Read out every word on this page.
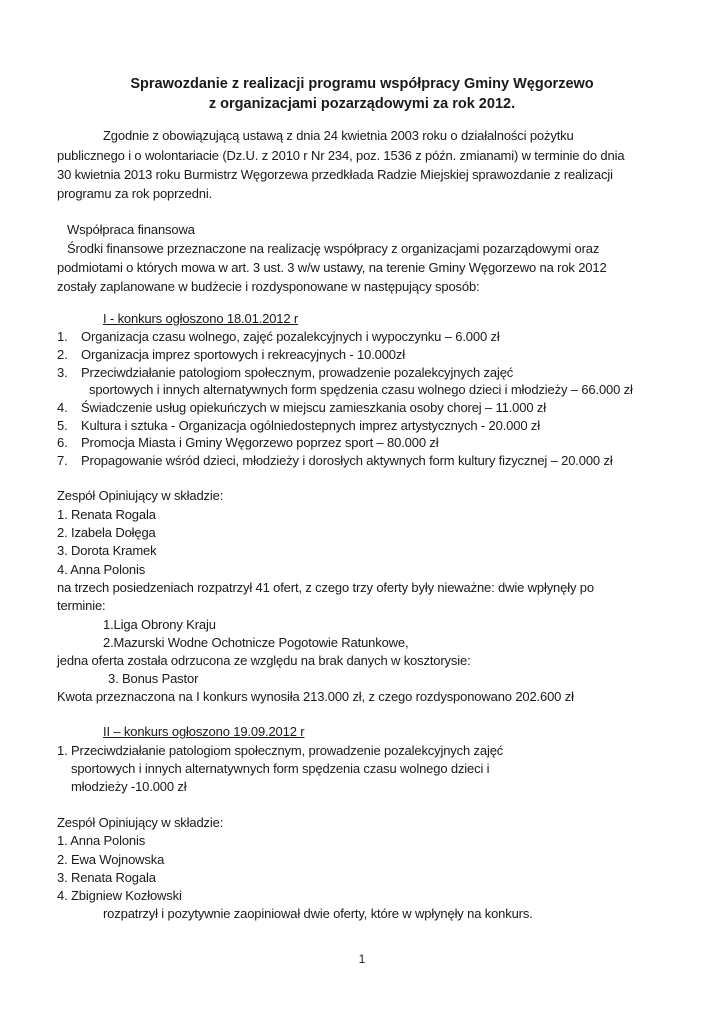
Sprawozdanie z realizacji programu współpracy Gminy Węgorzewo
z organizacjami pozarządowymi za rok 2012.
Zgodnie z obowiązującą ustawą z dnia 24 kwietnia 2003 roku o działalności pożytku
publicznego i o wolontariacie (Dz.U. z 2010 r Nr 234, poz. 1536 z późn. zmianami) w terminie do dnia
30 kwietnia 2013 roku Burmistrz Węgorzewa przedkłada Radzie Miejskiej sprawozdanie z realizacji
programu za rok poprzedni.
Współpraca finansowa
Środki finansowe przeznaczone na realizację współpracy z organizacjami pozarządowymi oraz
podmiotami o których mowa w art. 3 ust. 3 w/w ustawy, na terenie Gminy Węgorzewo na rok 2012
zostały zaplanowane w budżecie i rozdysponowane w następujący sposób:
I - konkurs ogłoszono 18.01.2012 r
1. Organizacja czasu wolnego, zajęć pozalekcyjnych i wypoczynku – 6.000 zł
2. Organizacja imprez sportowych i rekreacyjnych - 10.000zł
3. Przeciwdziałanie patologiom społecznym, prowadzenie pozalekcyjnych zajęć
sportowych i innych alternatywnych form spędzenia czasu wolnego dzieci i młodzieży – 66.000 zł
4. Świadczenie usług opiekuńczych w miejscu zamieszkania osoby chorej – 11.000 zł
5. Kultura i sztuka - Organizacja ogólniedostepnych imprez artystycznych - 20.000 zł
6. Promocja Miasta i Gminy Węgorzewo poprzez sport – 80.000 zł
7. Propagowanie wśród dzieci, młodzieży i dorosłych aktywnych form kultury fizycznej – 20.000 zł
Zespół Opiniujący w składzie:
1. Renata Rogala
2. Izabela Dołęga
3. Dorota Kramek
4. Anna Polonis
na trzech posiedzeniach rozpatrzył 41 ofert, z czego trzy oferty były nieważne: dwie wpłynęły po
terminie:
1.Liga Obrony Kraju
2.Mazurski Wodne Ochotnicze Pogotowie Ratunkowe,
jedna oferta została odrzucona ze względu na brak danych w kosztorysie:
3. Bonus Pastor
Kwota przeznaczona na I konkurs wynosiła 213.000 zł, z czego rozdysponowano 202.600 zł
II – konkurs ogłoszono 19.09.2012 r
1. Przeciwdziałanie patologiom społecznym, prowadzenie pozalekcyjnych zajęć
sportowych i innych alternatywnych form spędzenia czasu wolnego dzieci i
młodzieży -10.000 zł
Zespół Opiniujący w składzie:
1. Anna Polonis
2. Ewa Wojnowska
3. Renata Rogala
4. Zbigniew Kozłowski
rozpatrzył i pozytywnie zaopiniował dwie oferty, które w wpłynęły na konkurs.
1
